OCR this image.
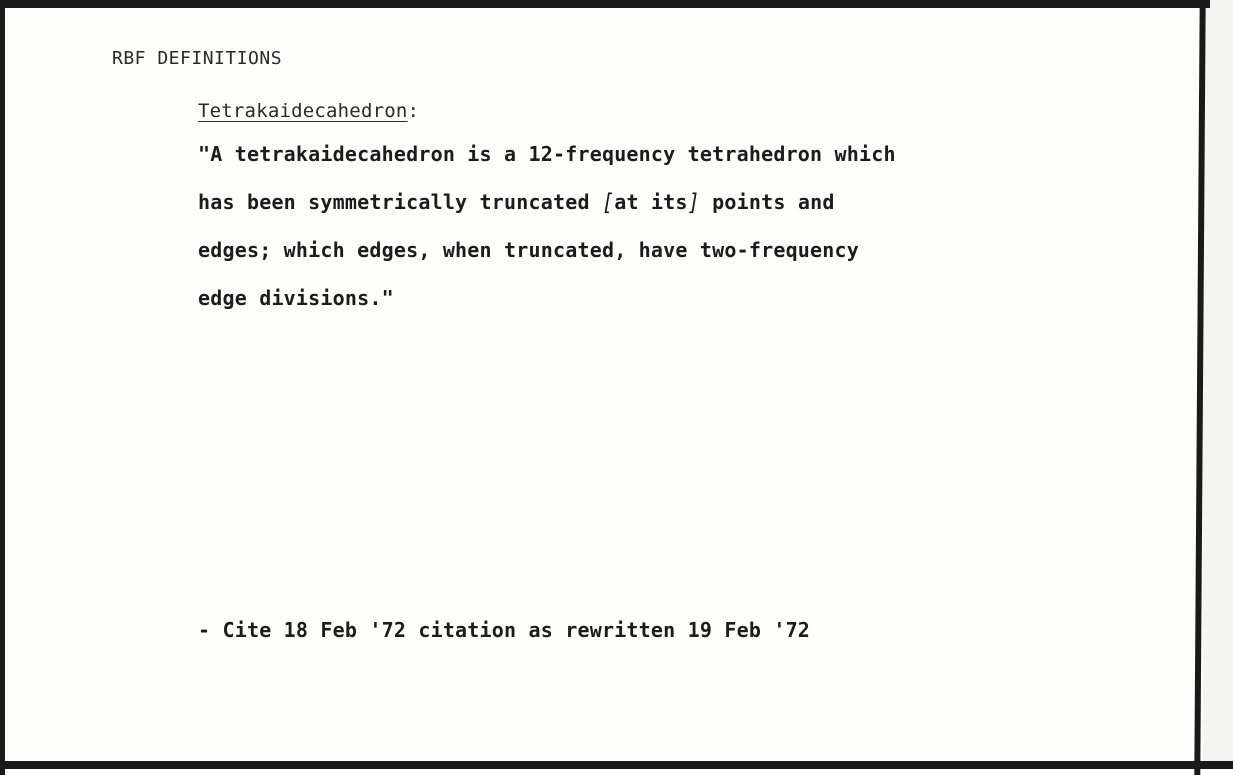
RBF DEFINITIONS

Tetrakaidecahedron:

"A tetrakaidecahedron is a 12-frequency tetrahedron which

has been symmetrically truncated [at its] points and

edges; which edges, when truncated, have two-frequency

edge divisions."

- Cite 18 Feb '72 citation as rewritten 19 Feb '72
